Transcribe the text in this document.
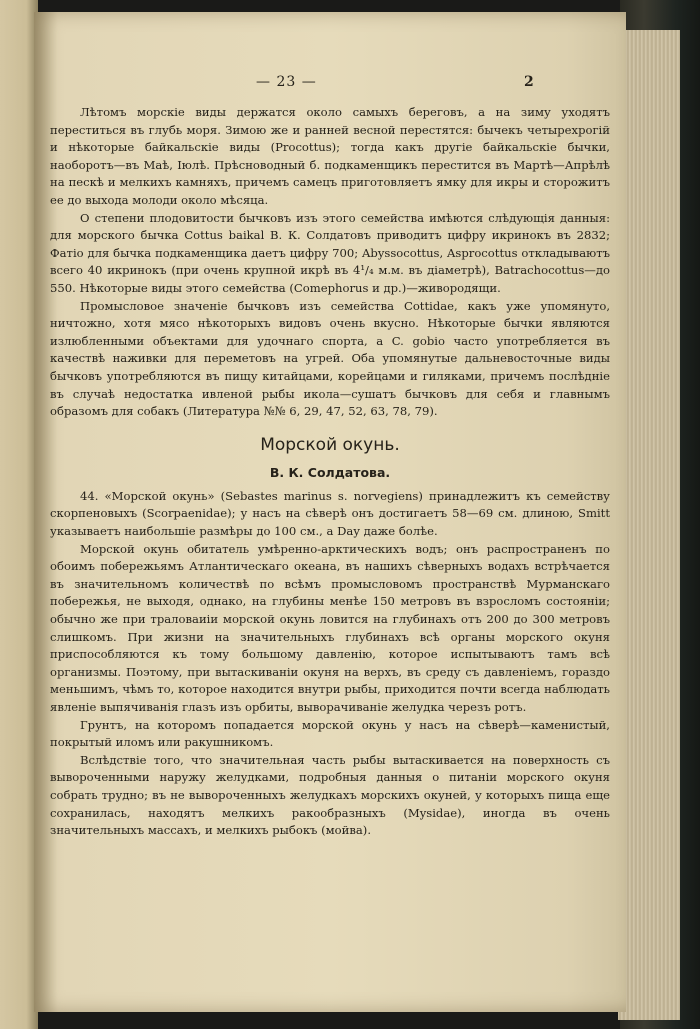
— 23 —	2

Лѣтомъ морскіе виды держатся около самыхъ береговъ, а на зиму уходятъ переститься въ глубь моря. Зимою же и ранней весной перестятся: бычекъ четырехрогій и нѣкоторые байкальскіе виды (Procottus); тогда какъ другіе байкальскіе бычки, наоборотъ—въ Маѣ, Іюлѣ. Прѣсноводный б. подкаменщикъ перестится въ Мартѣ—Апрѣлѣ на пескѣ и мелкихъ камняхъ, причемъ самецъ приготовляетъ ямку для икры и сторожитъ ее до выхода молоди около мѣсяца.

О степени плодовитости бычковъ изъ этого семейства имѣются слѣдующія данныя: для морского бычка Cottus baikal В. К. Солдатовъ приводитъ цифру икринокъ въ 2832; Фатіо для бычка подкаменщика даетъ цифру 700; Abyssocottus, Asprocottus откладываютъ всего 40 икринокъ (при очень крупной икрѣ въ 4¹/₄ м.м. въ діаметрѣ), Batrachocottus—до 550. Нѣкоторые виды этого семейства (Comephorus и др.)—живородящи.

Промысловое значеніе бычковъ изъ семейства Cottidae, какъ уже упомянуто, ничтожно, хотя мясо нѣкоторыхъ видовъ очень вкусно. Нѣкоторые бычки являются излюбленными объектами для удочнаго спорта, а C. gobio часто употребляется въ качествѣ наживки для переметовъ на угрей. Оба упомянутые дальневосточные виды бычковъ употребляются въ пищу китайцами, корейцами и гиляками, причемъ послѣдніе въ случаѣ недостатка ивленой рыбы икола—сушатъ бычковъ для себя и главнымъ образомъ для собакъ (Литература №№ 6, 29, 47, 52, 63, 78, 79).

Морской окунь.
В. К. Солдатова.

44. «Морской окунь» (Sebastes marinus s. norvegiens) принадлежитъ къ семейству скорпеновыхъ (Scorpaenidae); у насъ на сѣверѣ онъ достигаетъ 58—69 см. длиною, Smitt указываетъ наибольшіе размѣры до 100 см., а Day даже болѣе.

Морской окунь обитатель умѣренно-арктическихъ водъ; онъ распространенъ по обоимъ побережьямъ Атлантическаго океана, въ нашихъ сѣверныхъ водахъ встрѣчается въ значительномъ количествѣ по всѣмъ промысловомъ пространствѣ Мурманскаго побережья, не выходя, однако, на глубины менѣе 150 метровъ въ взросломъ состояніи; обычно же при траловаиіи морской окунь ловится на глубинахъ отъ 200 до 300 метровъ слишкомъ. При жизни на значительныхъ глубинахъ всѣ органы морского окуня приспособляются къ тому большому давленію, которое испытываютъ тамъ всѣ организмы. Поэтому, при вытаскиваніи окуня на верхъ, въ среду съ давленіемъ, гораздо меньшимъ, чѣмъ то, которое находится внутри рыбы, приходится почти всегда наблюдать явленіе выпячиванія глазъ изъ орбиты, выворачиваніе желудка черезъ ротъ.

Грунтъ, на которомъ попадается морской окунь у насъ на сѣверѣ—каменистый, покрытый иломъ или ракушникомъ.

Вслѣдствіе того, что значительная часть рыбы вытаскивается на поверхность съ вывороченными наружу желудками, подробныя данныя о питаніи морского окуня собрать трудно; въ не вывороченныхъ желудкахъ морскихъ окуней, у которыхъ пища еще сохранилась, находятъ мелкихъ ракообразныхъ (Mysidae), иногда въ очень значительныхъ массахъ, и мелкихъ рыбокъ (мойва).
